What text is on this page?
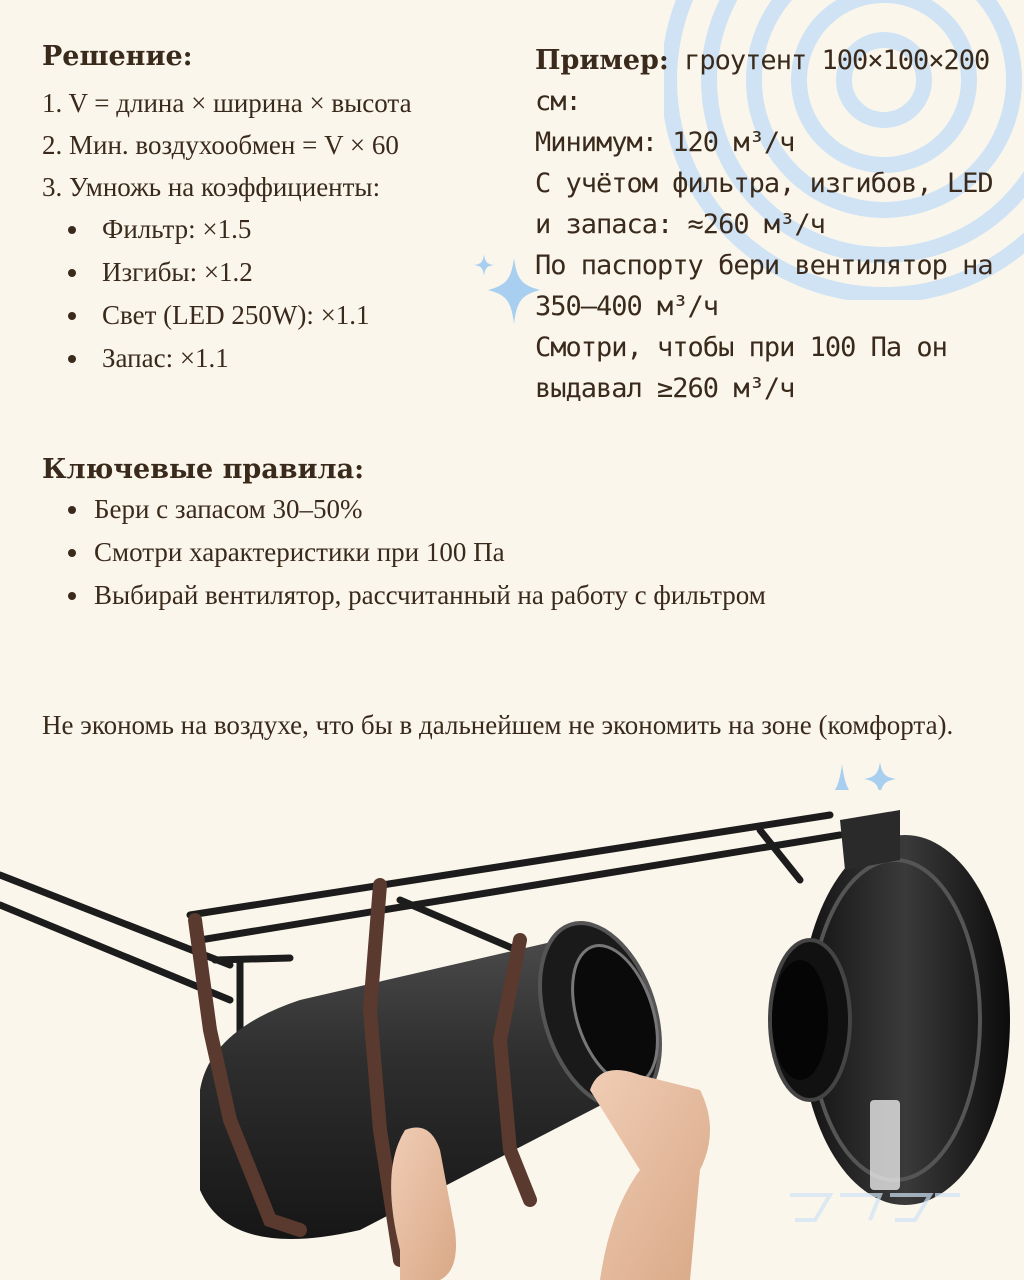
Решение:

1. V = длина × ширина × высота

2. Мин. воздухообмен = V × 60

3. Умножь на коэффициенты:

Фильтр: ×1.5
Изгибы: ×1.2
Свет (LED 250W): ×1.1
Запас: ×1.1
Пример: гроутент 100×100×200 см:
Минимум: 120 м³/ч
С учётом фильтра, изгибов, LED и запаса: ≈260 м³/ч
По паспорту бери вентилятор на 350–400 м³/ч
Смотри, чтобы при 100 Па он выдавал ≥260 м³/ч
Ключевые правила:
Бери с запасом 30–50%
Смотри характеристики при 100 Па
Выбирай вентилятор, рассчитанный на работу с фильтром
Не экономь на воздухе, что бы в дальнейшем не экономить на зоне (комфорта).
